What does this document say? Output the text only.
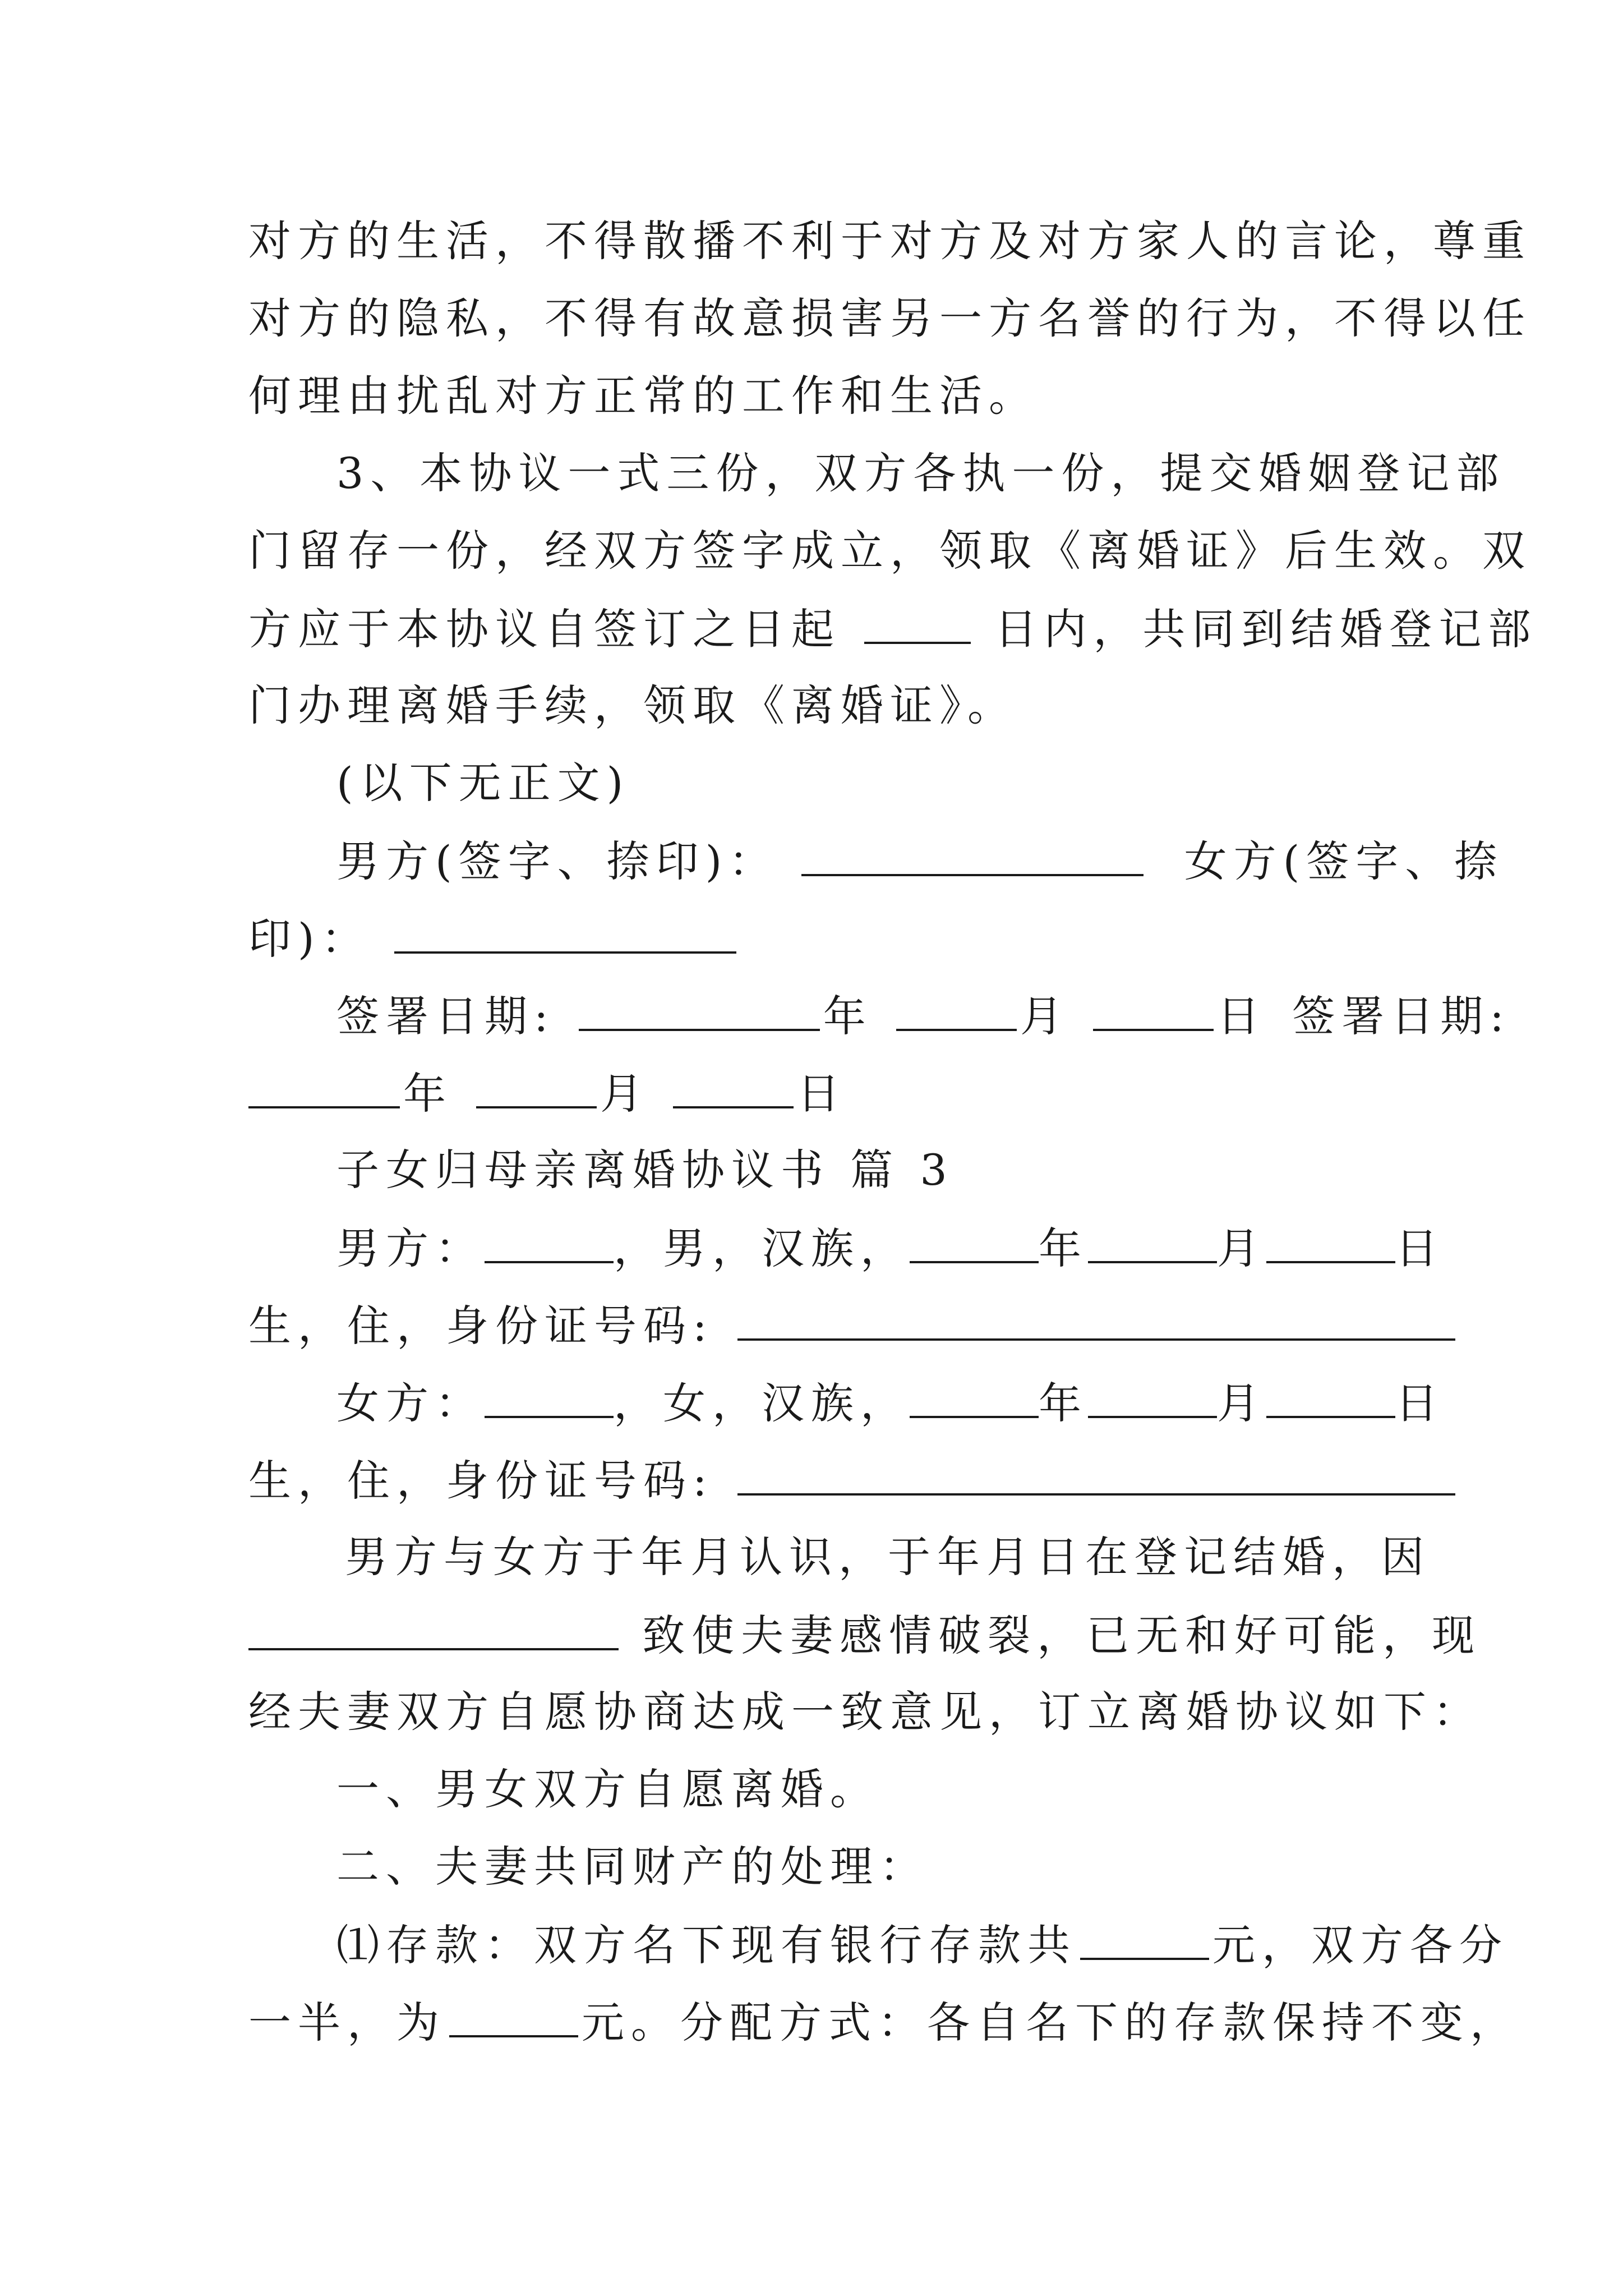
对方的生活，不得散播不利于对方及对方家人的言论，尊重
对方的隐私，不得有故意损害另一方名誉的行为，不得以任
何理由扰乱对方正常的工作和生活。
3、本协议一式三份，双方各执一份，提交婚姻登记部
门留存一份，经双方签字成立，领取《离婚证》后生效。双
方应于本协议自签订之日起	日内，共同到结婚登记部
门办理离婚手续，领取《离婚证》。
(以下无正文)
男方(签字、捺印)：	女方(签字、捺
印)：
签署日期:	年	月	日 签署日期:
年	月	日
子女归母亲离婚协议书 篇 3
男方：	，男，汉族，	年	月	日
生，住，身份证号码:
女方：	，女，汉族，	年	月	日
生，住，身份证号码:
男方与女方于年月认识，于年月日在登记结婚，因
致使夫妻感情破裂，已无和好可能，现
经夫妻双方自愿协商达成一致意见，订立离婚协议如下：
一、男女双方自愿离婚。
二、夫妻共同财产的处理：
⑴存款：双方名下现有银行存款共	元，双方各分
一半，为	元。分配方式：各自名下的存款保持不变，
